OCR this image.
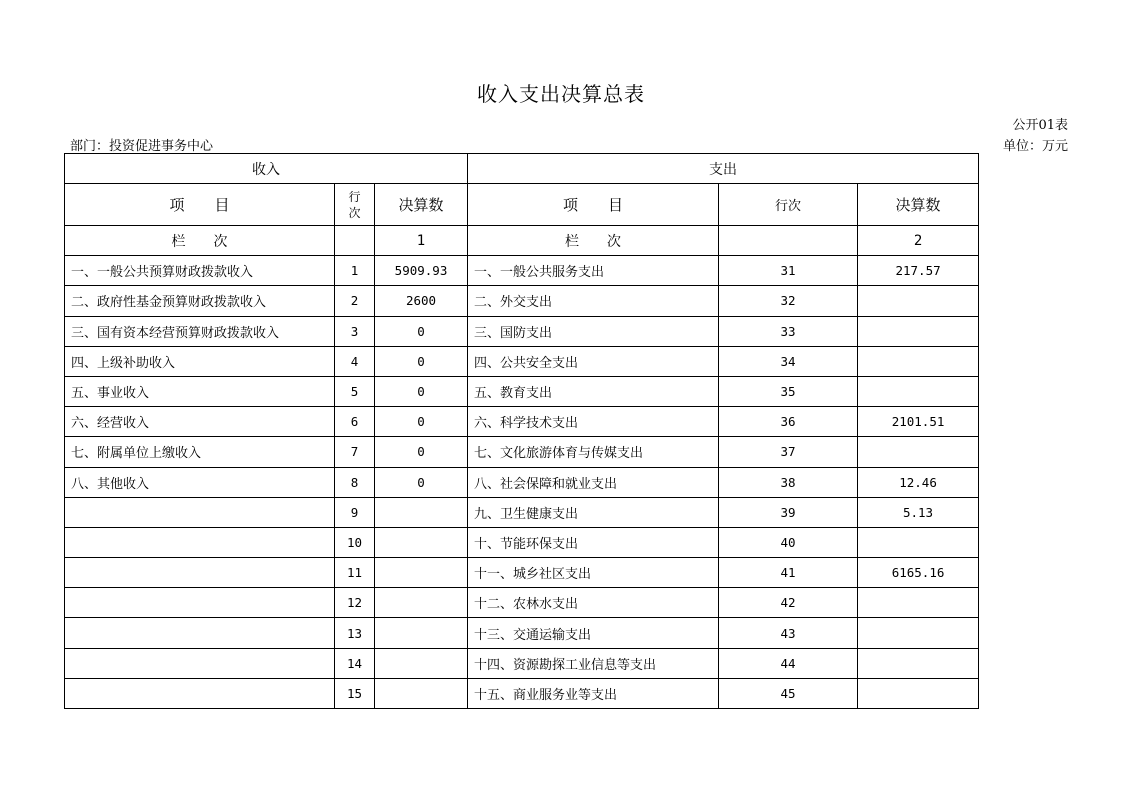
收入支出决算总表
公开01表
部门：投资促进事务中心	单位：万元
收入			支出		
项　　目	行次	决算数	项　　目	行次	决算数
栏　　次		1	栏　　次		2
一、一般公共预算财政拨款收入	1	5909.93	一、一般公共服务支出	31	217.57
二、政府性基金预算财政拨款收入	2	2600	二、外交支出	32	
三、国有资本经营预算财政拨款收入	3	0	三、国防支出	33	
四、上级补助收入	4	0	四、公共安全支出	34	
五、事业收入	5	0	五、教育支出	35	
六、经营收入	6	0	六、科学技术支出	36	2101.51
七、附属单位上缴收入	7	0	七、文化旅游体育与传媒支出	37	
八、其他收入	8	0	八、社会保障和就业支出	38	12.46
	9		九、卫生健康支出	39	5.13
	10		十、节能环保支出	40	
	11		十一、城乡社区支出	41	6165.16
	12		十二、农林水支出	42	
	13		十三、交通运输支出	43	
	14		十四、资源勘探工业信息等支出	44	
	15		十五、商业服务业等支出	45	
